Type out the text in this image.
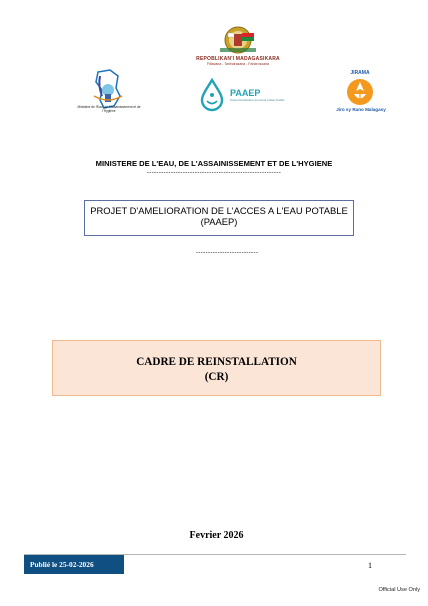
REPOBLIKAN'I MADAGASIKARA
Fitiavana - Tanindrazana - Fandrosoana
Ministère de l'Eau, de l'Assainissement et de l'Hygiène
PAAEP
Projet d'Amélioration de l'Accès à l'Eau Potable
JIRAMA
Jiro sy Rano Malagasy
MINISTERE DE L'EAU, DE L'ASSAINISSEMENT ET DE L'HYGIENE
--------------------------------------------------------
PROJET D'AMELIORATION DE L'ACCES A L'EAU POTABLE (PAAEP)
--------------------------
CADRE DE REINSTALLATION
(CR)
Fevrier 2026
Publié le 25-02-2026	1
Official Use Only
